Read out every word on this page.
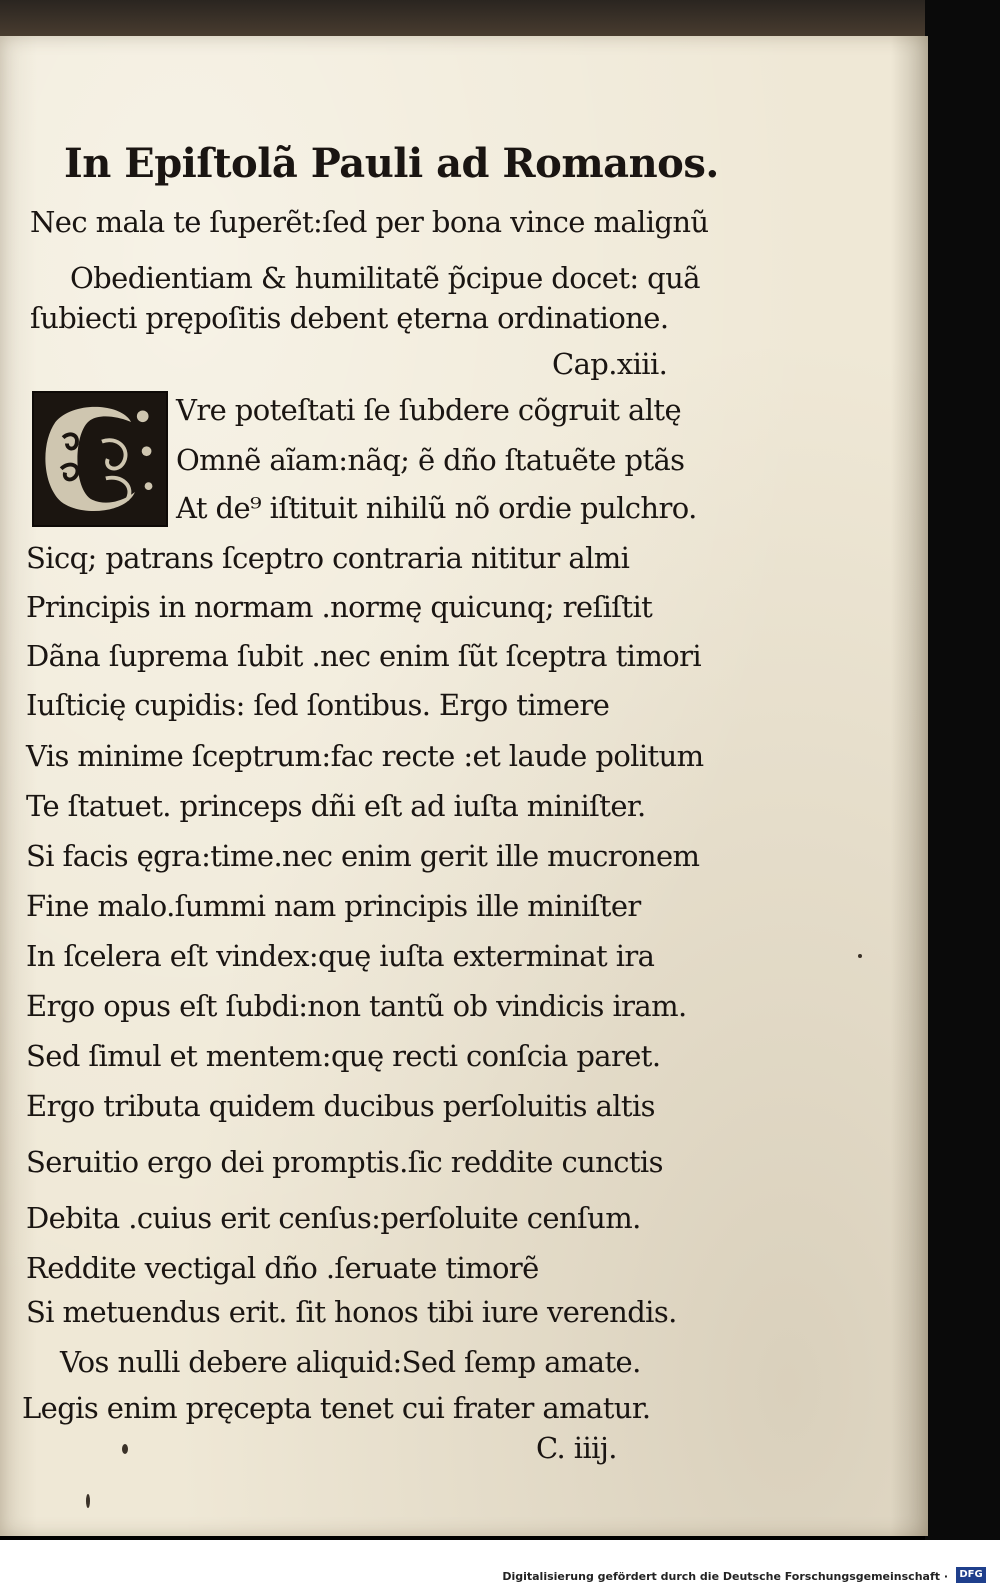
In Epiſtolã Pauli ad Romanos.
Nec mala te ſuperẽt:ſed per bona vince malignũ
Obedientiam & humilitatẽ p̃cipue docet: quã
ſubiecti prępoſitis debent ęterna ordinatione.
Cap.xiii.
Vre poteſtati ſe ſubdere cõgruit altę
Omnẽ aĩam:nãq; ẽ dño ſtatuẽte ptãs
At de⁹ iſtituit nihilũ nõ ordie pulchro.
Sicq; patrans ſceptro contraria nititur almi
Principis in normam .normę quicunq; reſiſtit
Dãna ſuprema ſubit .nec enim ſũt ſceptra timori
Iuſticię cupidis: ſed ſontibus. Ergo timere
Vis minime ſceptrum:fac recte :et laude politum
Te ſtatuet. princeps dñi eſt ad iuſta miniſter.
Si facis ęgra:time.nec enim gerit ille mucronem
Fine malo.ſummi nam principis ille miniſter
In ſcelera eſt vindex:quę iuſta exterminat ira
Ergo opus eſt ſubdi:non tantũ ob vindicis iram.
Sed ſimul et mentem:quę recti conſcia paret.
Ergo tributa quidem ducibus perſoluitis altis
Seruitio ergo dei promptis.ſic reddite cunctis
Debita .cuius erit cenſus:perſoluite cenſum.
Reddite vectigal dño .ſeruate timorẽ
Si metuendus erit. ſit honos tibi iure verendis.
Vos nulli debere aliquid:Sed ſemp amate.
Legis enim pręcepta tenet cui frater amatur.
C. iiij.
Digitalisierung gefördert durch die Deutsche Forschungsgemeinschaft ·	DFG
